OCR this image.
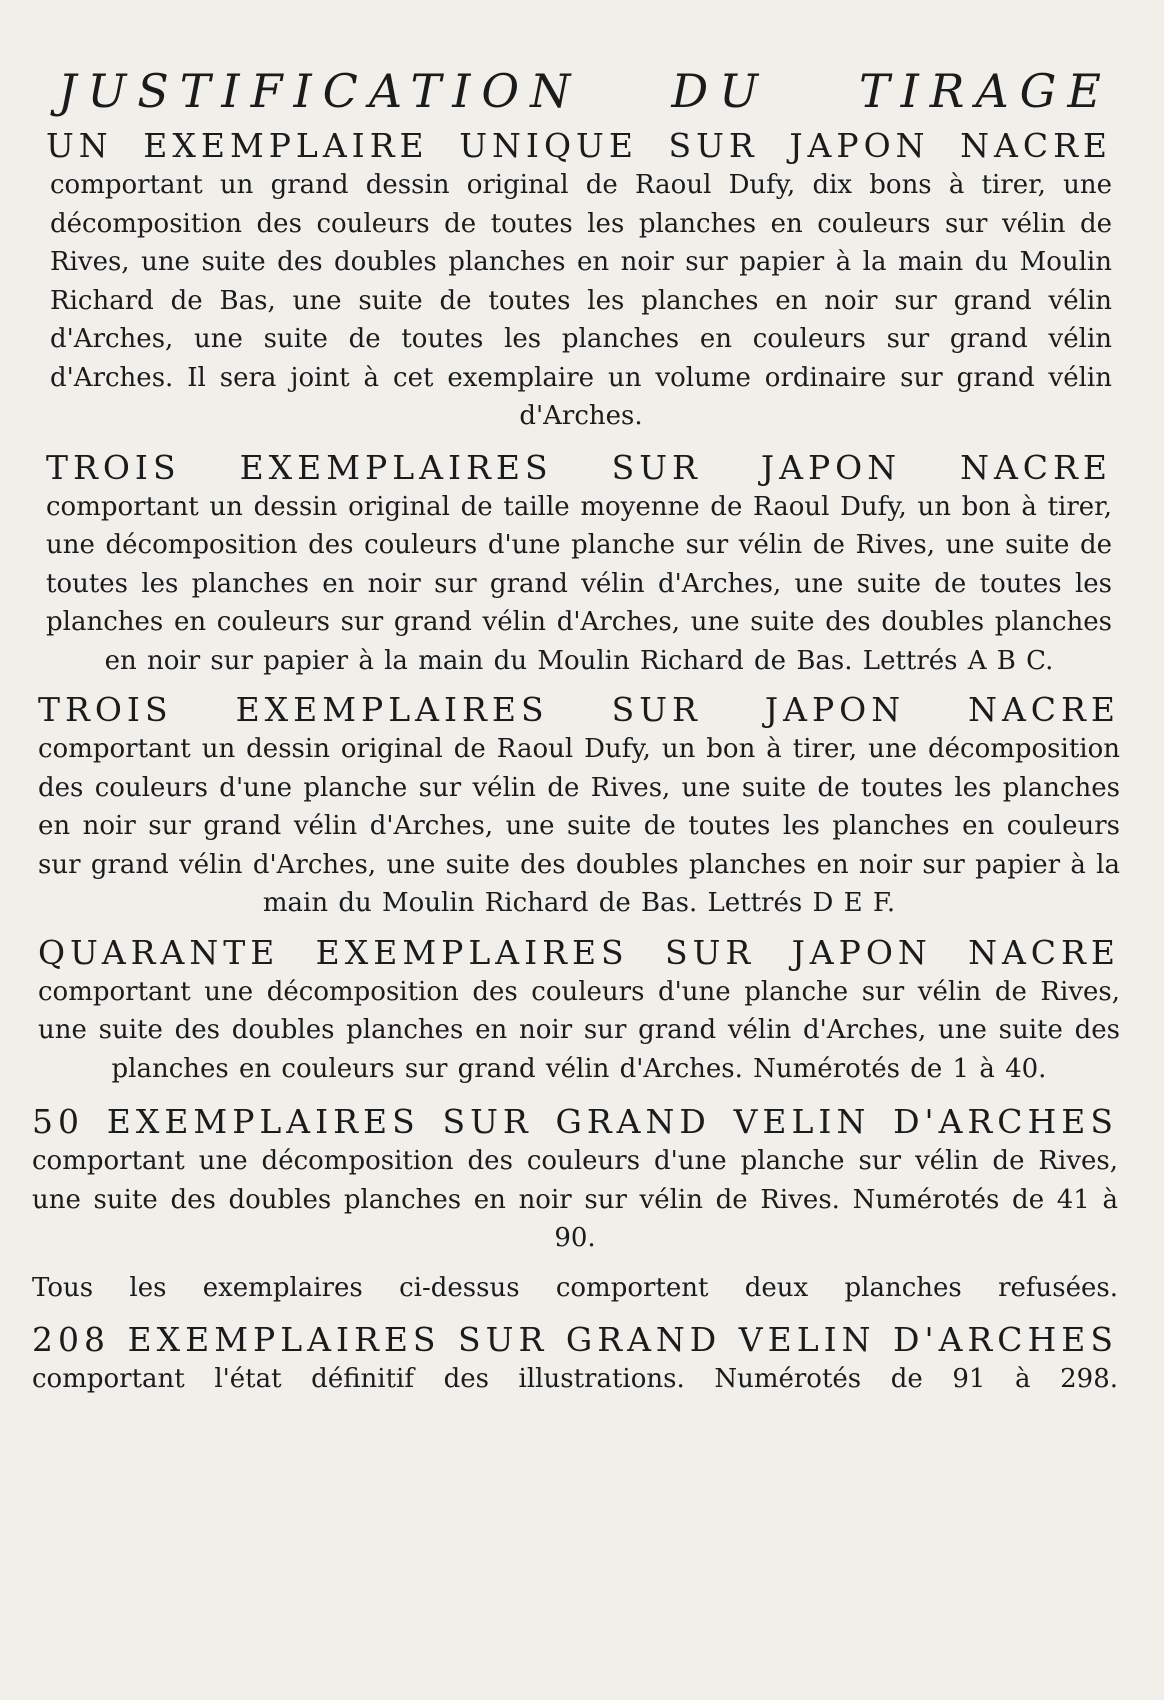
JUSTIFICATION DU TIRAGE
UN EXEMPLAIRE UNIQUE SUR JAPON NACRE
comportant un grand dessin original de Raoul Dufy, dix bons à tirer, une décomposition des couleurs de toutes les planches en couleurs sur vélin de Rives, une suite des doubles planches en noir sur papier à la main du Moulin Richard de Bas, une suite de toutes les planches en noir sur grand vélin d'Arches, une suite de toutes les planches en couleurs sur grand vélin d'Arches. Il sera joint à cet exemplaire un volume ordinaire sur grand vélin d'Arches.
TROIS EXEMPLAIRES SUR JAPON NACRE
comportant un dessin original de taille moyenne de Raoul Dufy, un bon à tirer, une décomposition des couleurs d'une planche sur vélin de Rives, une suite de toutes les planches en noir sur grand vélin d'Arches, une suite de toutes les planches en couleurs sur grand vélin d'Arches, une suite des doubles planches en noir sur papier à la main du Moulin Richard de Bas. Lettrés A B C.
TROIS EXEMPLAIRES SUR JAPON NACRE
comportant un dessin original de Raoul Dufy, un bon à tirer, une décomposition des couleurs d'une planche sur vélin de Rives, une suite de toutes les planches en noir sur grand vélin d'Arches, une suite de toutes les planches en couleurs sur grand vélin d'Arches, une suite des doubles planches en noir sur papier à la main du Moulin Richard de Bas. Lettrés D E F.
QUARANTE EXEMPLAIRES SUR JAPON NACRE
comportant une décomposition des couleurs d'une planche sur vélin de Rives, une suite des doubles planches en noir sur grand vélin d'Arches, une suite des planches en couleurs sur grand vélin d'Arches. Numérotés de 1 à 40.
50 EXEMPLAIRES SUR GRAND VELIN D'ARCHES
comportant une décomposition des couleurs d'une planche sur vélin de Rives, une suite des doubles planches en noir sur vélin de Rives. Numérotés de 41 à 90.
Tous les exemplaires ci-dessus comportent deux planches refusées.
208 EXEMPLAIRES SUR GRAND VELIN D'ARCHES
comportant l'état définitif des illustrations. Numérotés de 91 à 298.
